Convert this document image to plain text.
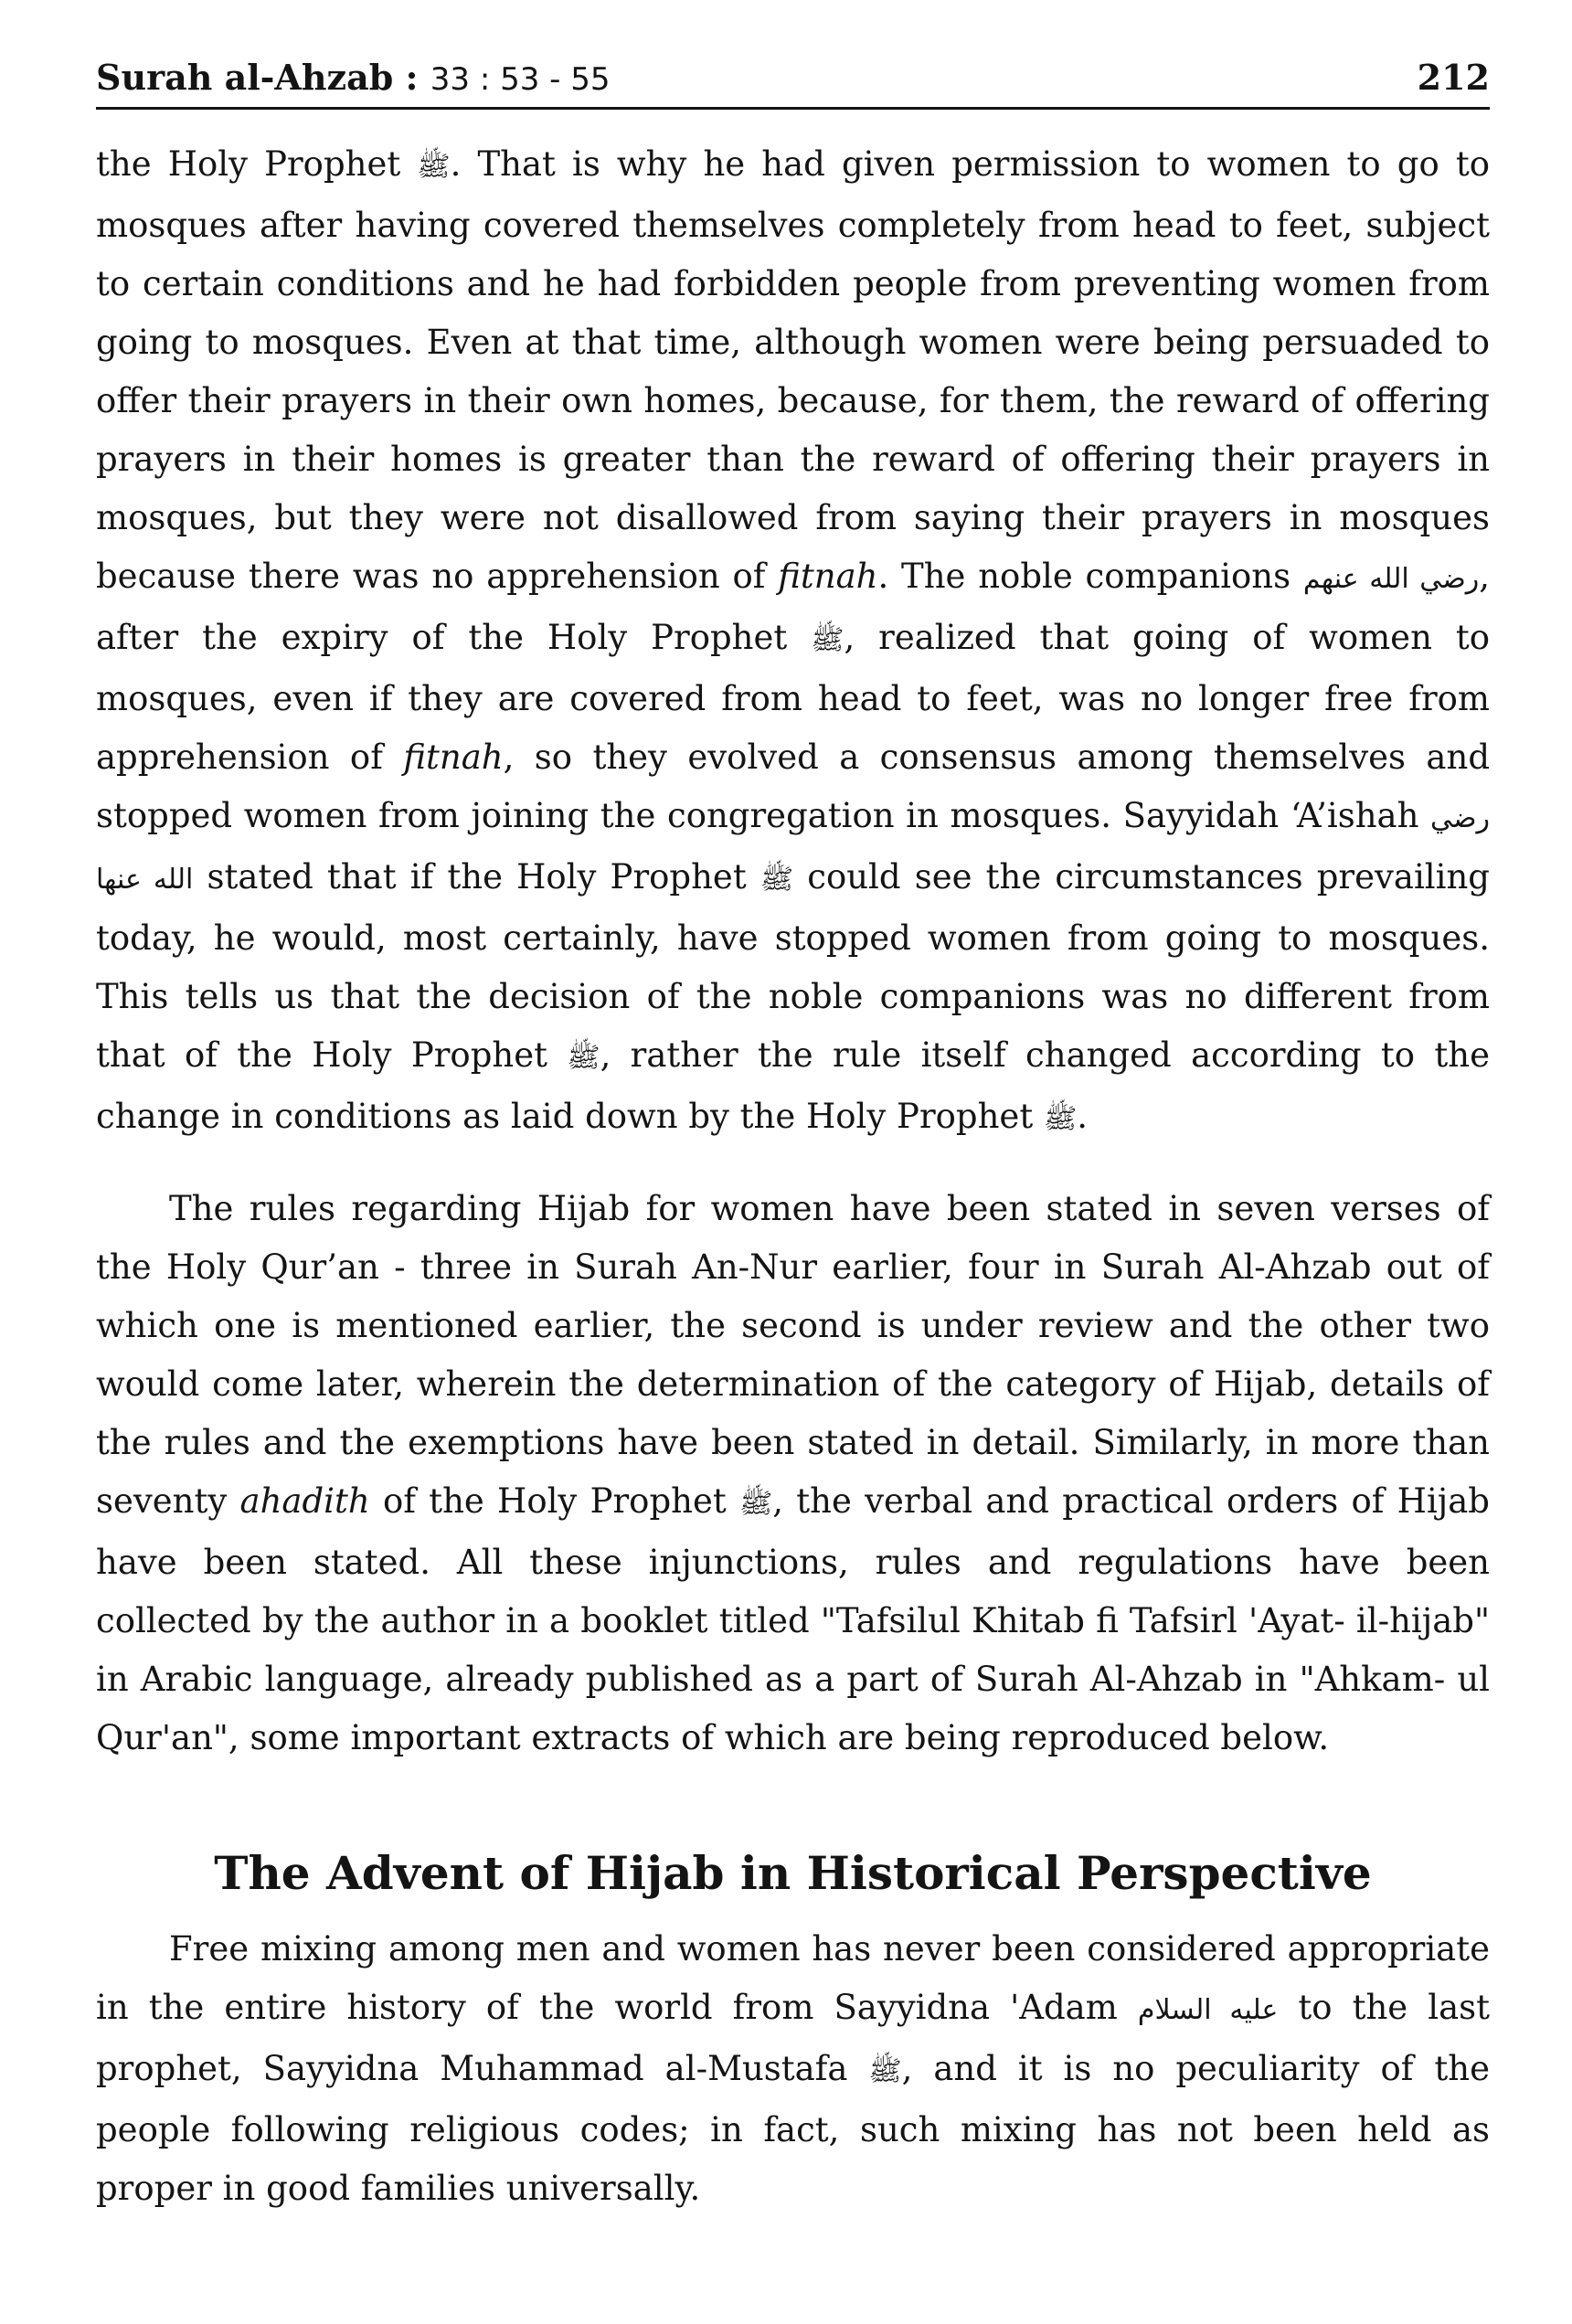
Surah al-Ahzab : 33 : 53 - 55	212

the Holy Prophet ﷺ. That is why he had given permission to women to go to mosques after having covered themselves completely from head to feet, subject to certain conditions and he had forbidden people from preventing women from going to mosques. Even at that time, although women were being persuaded to offer their prayers in their own homes, because, for them, the reward of offering prayers in their homes is greater than the reward of offering their prayers in mosques, but they were not disallowed from saying their prayers in mosques because there was no apprehension of fitnah. The noble companions رضي الله عنهم, after the expiry of the Holy Prophet ﷺ, realized that going of women to mosques, even if they are covered from head to feet, was no longer free from apprehension of fitnah, so they evolved a consensus among themselves and stopped women from joining the congregation in mosques. Sayyidah ‘A’ishah رضي الله عنها stated that if the Holy Prophet ﷺ could see the circumstances prevailing today, he would, most certainly, have stopped women from going to mosques. This tells us that the decision of the noble companions was no different from that of the Holy Prophet ﷺ, rather the rule itself changed according to the change in conditions as laid down by the Holy Prophet ﷺ.

The rules regarding Hijab for women have been stated in seven verses of the Holy Qur’an - three in Surah An-Nur earlier, four in Surah Al-Ahzab out of which one is mentioned earlier, the second is under review and the other two would come later, wherein the determination of the category of Hijab, details of the rules and the exemptions have been stated in detail. Similarly, in more than seventy ahadith of the Holy Prophet ﷺ, the verbal and practical orders of Hijab have been stated. All these injunctions, rules and regulations have been collected by the author in a booklet titled "Tafsilul Khitab fi Tafsirl 'Ayat- il-hijab" in Arabic language, already published as a part of Surah Al-Ahzab in "Ahkam- ul Qur'an", some important extracts of which are being reproduced below.

The Advent of Hijab in Historical Perspective

Free mixing among men and women has never been considered appropriate in the entire history of the world from Sayyidna 'Adam عليه السلام to the last prophet, Sayyidna Muhammad al-Mustafa ﷺ, and it is no peculiarity of the people following religious codes; in fact, such mixing has not been held as proper in good families universally.
